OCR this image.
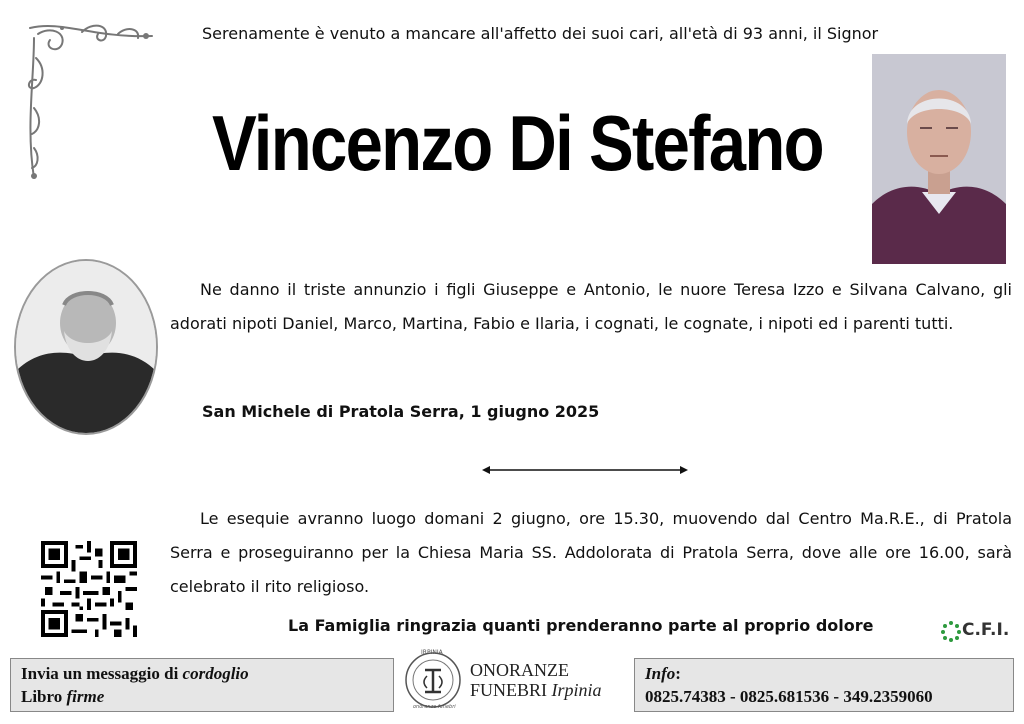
Serenamente è venuto a mancare all'affetto dei suoi cari, all'età di 93 anni, il Signor
Vincenzo Di Stefano
Ne danno il triste annunzio i figli Giuseppe e Antonio, le nuore Teresa Izzo e Silvana Calvano, gli adorati nipoti Daniel, Marco, Martina, Fabio e Ilaria, i cognati, le cognate, i nipoti ed i parenti tutti.
San Michele di Pratola Serra, 1 giugno 2025
Le esequie avranno luogo domani 2 giugno, ore 15.30, muovendo dal Centro Ma.R.E., di Pratola Serra e proseguiranno per la Chiesa Maria SS. Addolorata di Pratola Serra, dove alle ore 16.00, sarà celebrato il rito religioso.
La Famiglia ringrazia quanti prenderanno parte al proprio dolore	C.F.I.
Invia un messaggio di cordoglio
Libro firme
IRPINIA
onoranze funebri
ONORANZE
FUNEBRI Irpinia
Info:
0825.74383 - 0825.681536 - 349.2359060
